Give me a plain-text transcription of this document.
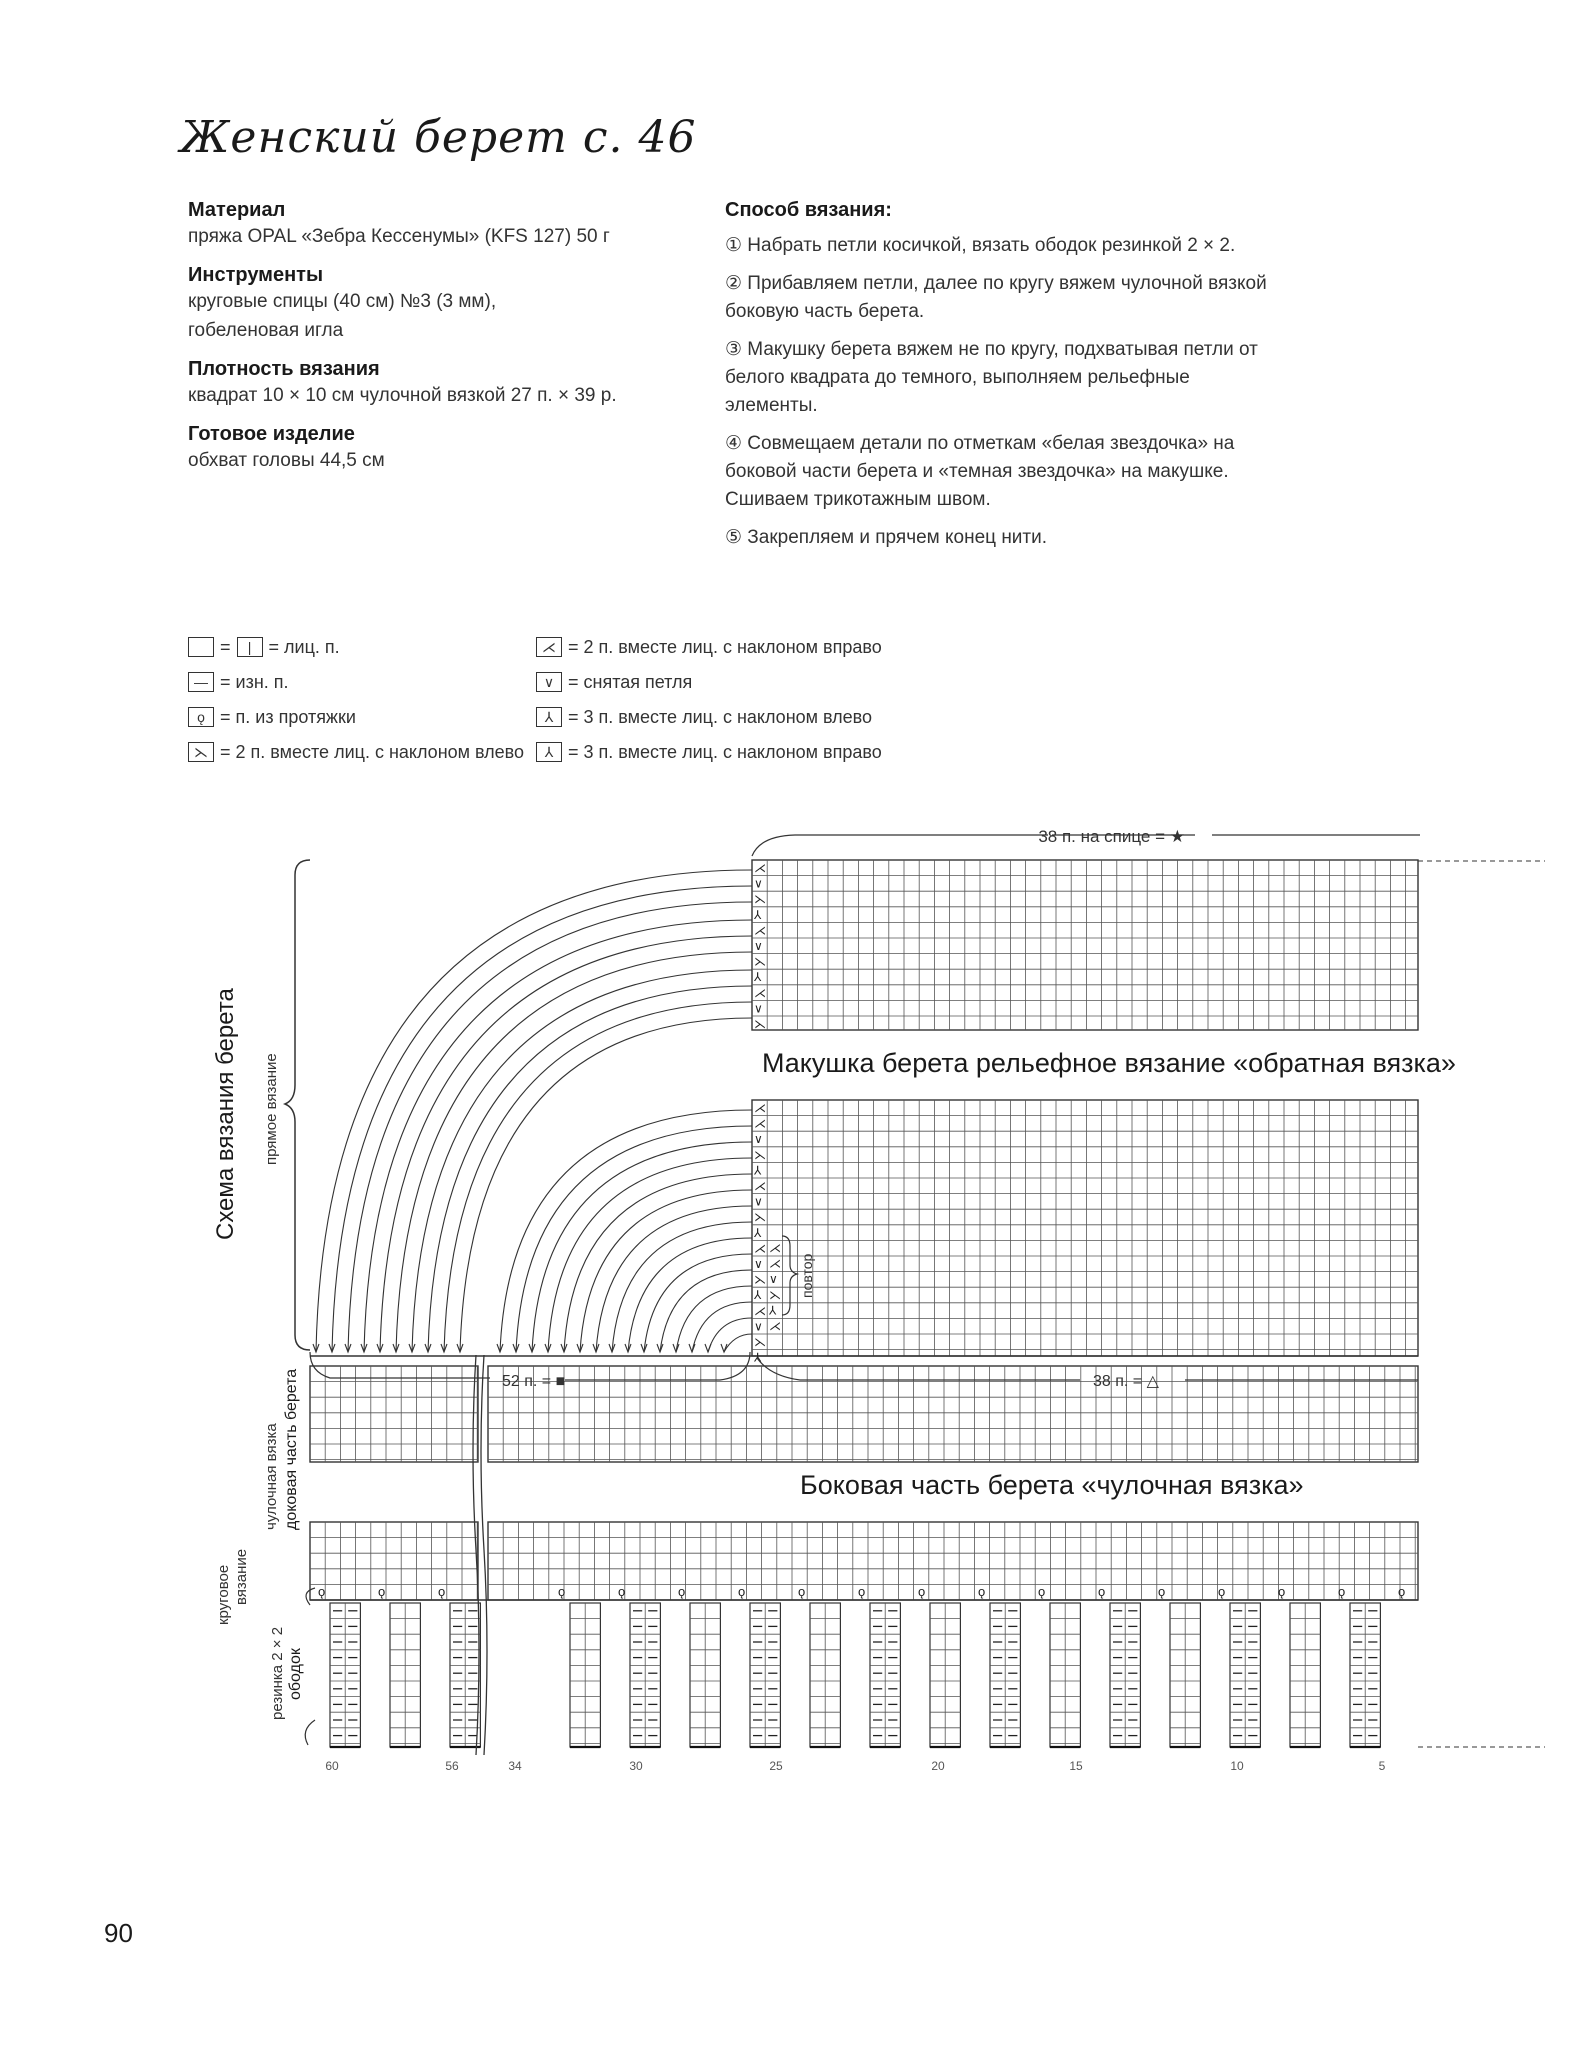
Женский берет с. 46

Материал

пряжа OPAL «Зебра Кессенумы» (KFS 127) 50 г

Инструменты

круговые спицы (40 см) №3 (3 мм),

гобеленовая игла

Плотность вязания

квадрат 10 × 10 см чулочной вязкой 27 п. × 39 р.

Готовое изделие

обхват головы 44,5 см

Способ вязания:

① Набрать петли косичкой, вязать ободок резинкой 2 × 2.

② Прибавляем петли, далее по кругу вяжем чулочной вязкой боковую часть берета.

③ Макушку берета вяжем не по кругу, подхватывая петли от белого квадрата до темного, выполняем рельефные элементы.

④ Совмещаем детали по отметкам «белая звездочка» на боковой части берета и «темная звездочка» на макушке. Сшиваем трикотажным швом.

⑤ Закрепляем и прячем конец нити.

=	| = лиц. п.
— = изн. п.
ǫ = п. из протяжки
⋋ = 2 п. вместе лиц. с наклоном влево
⋌ = 2 п. вместе лиц. с наклоном вправо
∨ = снятая петля
⅄ = 3 п. вместе лиц. с наклоном влево
⅄ = 3 п. вместе лиц. с наклоном вправо
ǫ	ǫ	ǫ	ǫ	ǫ	ǫ	ǫ	ǫ	ǫ	ǫ	ǫ	ǫ	ǫ	ǫ	ǫ	ǫ	ǫ	ǫ
⋌
∨
⋋
⅄
⋌
∨
⋋
⅄
⋌
∨
⋋
⋌
⋌
∨
⋋
⅄
⋌
∨
⋋
⅄
⋌
∨
⋋
⅄
⋌
∨
⋋
⅄
⋌
⋌
∨
⋋
⅄
⋌
38 п. на спице = ★
Схема вязания берета прямое вязание	Макушка берета рельефное вязание «обратная вязка»
Боковая часть берета «чулочная вязка»
52 п. = ■	38 п. = △
повтор
чулочная вязка доковая часть берета
круговое вязание
резинка 2 × 2 ободок
60	56	34	30	25	20	15	10	5
90
